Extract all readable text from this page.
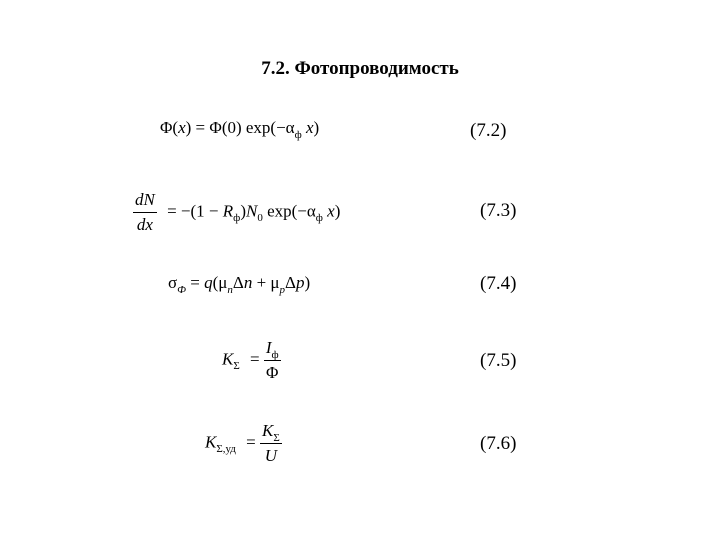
7.2. Фотопроводимость
Φ(x) = Φ(0) $\exp(-\alpha_ф$ x)	(7.2)
$\frac{dN}{dx} = -(1 - R_ф)N_0$ $\exp(-\alpha_ф$ x)	(7.3)
$\sigma_Ф = q(\mu_n\Delta n + \mu_p\Delta p)$	(7.4)
$K_\Sigma = \frac{I_ф}{\Phi}$	(7.5)
$K_{\Sigma,уд} = \frac{K_\Sigma}{U}$	(7.6)
